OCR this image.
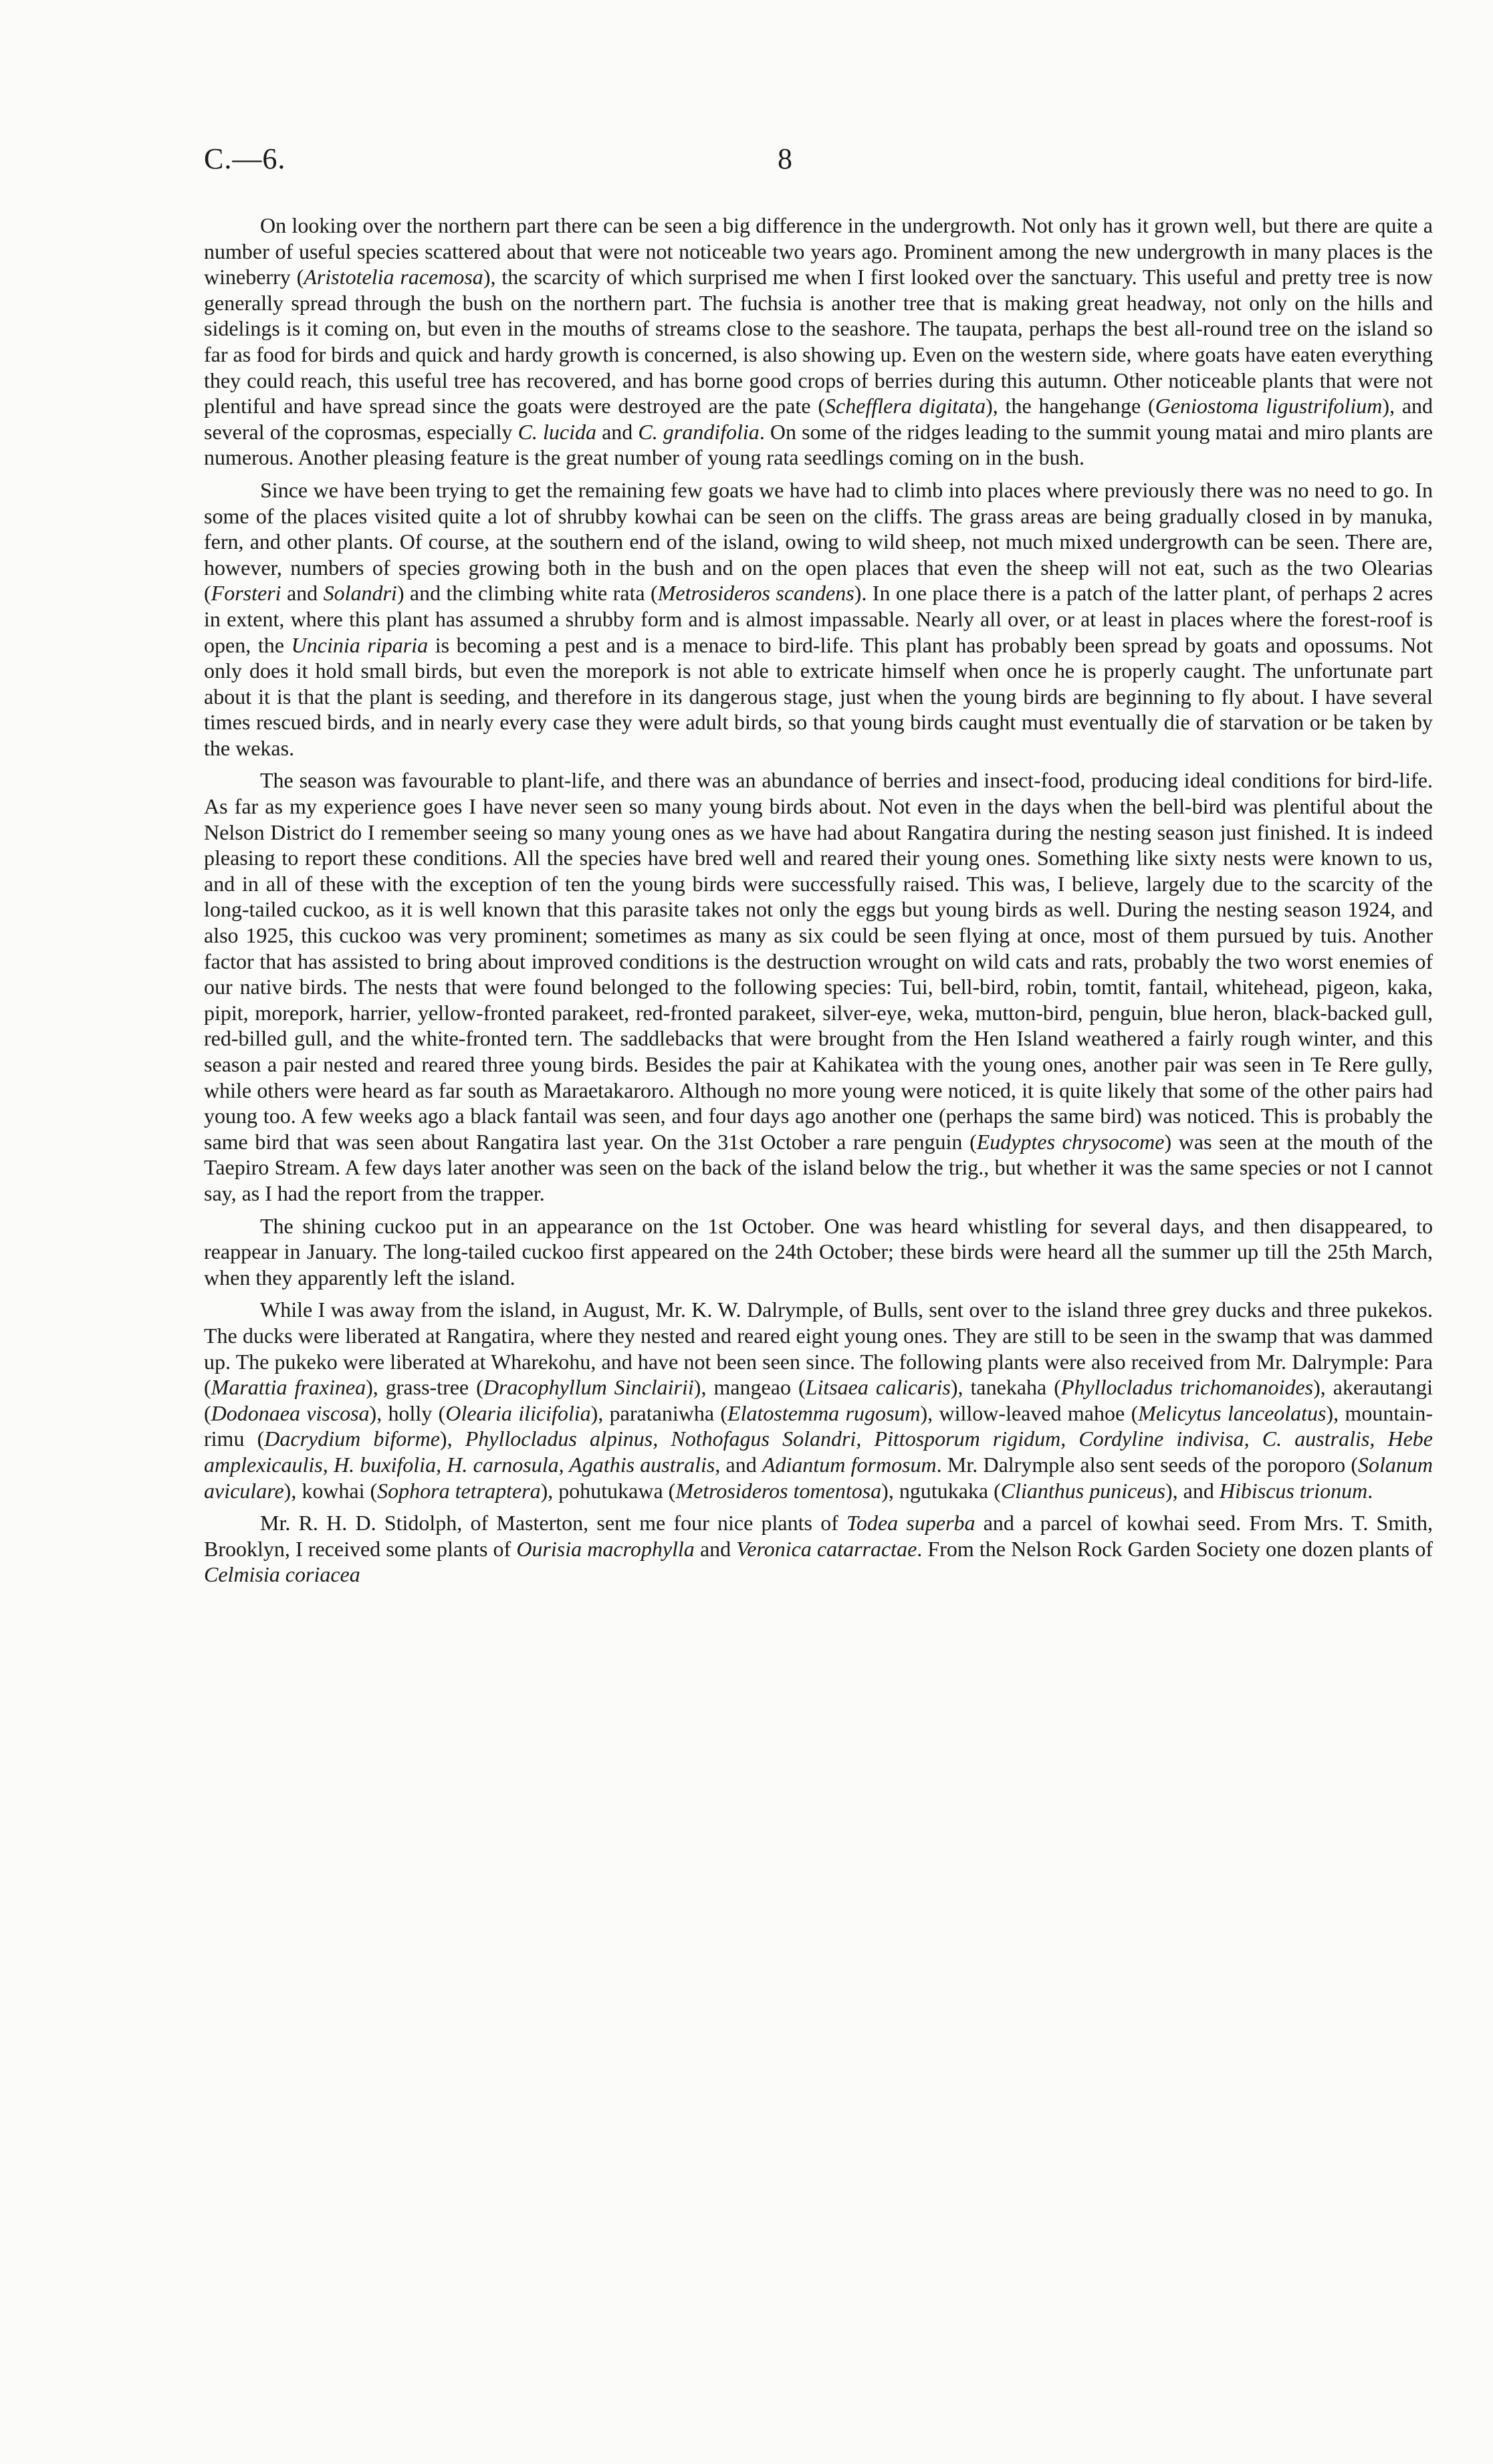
C.—6.	8

On looking over the northern part there can be seen a big difference in the undergrowth. Not only has it grown well, but there are quite a number of useful species scattered about that were not noticeable two years ago. Prominent among the new undergrowth in many places is the wineberry (Aristotelia racemosa), the scarcity of which surprised me when I first looked over the sanctuary. This useful and pretty tree is now generally spread through the bush on the northern part. The fuchsia is another tree that is making great headway, not only on the hills and sidelings is it coming on, but even in the mouths of streams close to the seashore. The taupata, perhaps the best all-round tree on the island so far as food for birds and quick and hardy growth is concerned, is also showing up. Even on the western side, where goats have eaten everything they could reach, this useful tree has recovered, and has borne good crops of berries during this autumn. Other noticeable plants that were not plentiful and have spread since the goats were destroyed are the pate (Schefflera digitata), the hangehange (Geniostoma ligustrifolium), and several of the coprosmas, especially C. lucida and C. grandifolia. On some of the ridges leading to the summit young matai and miro plants are numerous. Another pleasing feature is the great number of young rata seedlings coming on in the bush.

Since we have been trying to get the remaining few goats we have had to climb into places where previously there was no need to go. In some of the places visited quite a lot of shrubby kowhai can be seen on the cliffs. The grass areas are being gradually closed in by manuka, fern, and other plants. Of course, at the southern end of the island, owing to wild sheep, not much mixed undergrowth can be seen. There are, however, numbers of species growing both in the bush and on the open places that even the sheep will not eat, such as the two Olearias (Forsteri and Solandri) and the climbing white rata (Metrosideros scandens). In one place there is a patch of the latter plant, of perhaps 2 acres in extent, where this plant has assumed a shrubby form and is almost impassable. Nearly all over, or at least in places where the forest-roof is open, the Uncinia riparia is becoming a pest and is a menace to bird-life. This plant has probably been spread by goats and opossums. Not only does it hold small birds, but even the morepork is not able to extricate himself when once he is properly caught. The unfortunate part about it is that the plant is seeding, and therefore in its dangerous stage, just when the young birds are beginning to fly about. I have several times rescued birds, and in nearly every case they were adult birds, so that young birds caught must eventually die of starvation or be taken by the wekas.

The season was favourable to plant-life, and there was an abundance of berries and insect-food, producing ideal conditions for bird-life. As far as my experience goes I have never seen so many young birds about. Not even in the days when the bell-bird was plentiful about the Nelson District do I remember seeing so many young ones as we have had about Rangatira during the nesting season just finished. It is indeed pleasing to report these conditions. All the species have bred well and reared their young ones. Something like sixty nests were known to us, and in all of these with the exception of ten the young birds were successfully raised. This was, I believe, largely due to the scarcity of the long-tailed cuckoo, as it is well known that this parasite takes not only the eggs but young birds as well. During the nesting season 1924, and also 1925, this cuckoo was very prominent; sometimes as many as six could be seen flying at once, most of them pursued by tuis. Another factor that has assisted to bring about improved conditions is the destruction wrought on wild cats and rats, probably the two worst enemies of our native birds. The nests that were found belonged to the following species: Tui, bell-bird, robin, tomtit, fantail, whitehead, pigeon, kaka, pipit, morepork, harrier, yellow-fronted parakeet, red-fronted parakeet, silver-eye, weka, mutton-bird, penguin, blue heron, black-backed gull, red-billed gull, and the white-fronted tern. The saddlebacks that were brought from the Hen Island weathered a fairly rough winter, and this season a pair nested and reared three young birds. Besides the pair at Kahikatea with the young ones, another pair was seen in Te Rere gully, while others were heard as far south as Maraetakaroro. Although no more young were noticed, it is quite likely that some of the other pairs had young too. A few weeks ago a black fantail was seen, and four days ago another one (perhaps the same bird) was noticed. This is probably the same bird that was seen about Rangatira last year. On the 31st October a rare penguin (Eudyptes chrysocome) was seen at the mouth of the Taepiro Stream. A few days later another was seen on the back of the island below the trig., but whether it was the same species or not I cannot say, as I had the report from the trapper.

The shining cuckoo put in an appearance on the 1st October. One was heard whistling for several days, and then disappeared, to reappear in January. The long-tailed cuckoo first appeared on the 24th October; these birds were heard all the summer up till the 25th March, when they apparently left the island.

While I was away from the island, in August, Mr. K. W. Dalrymple, of Bulls, sent over to the island three grey ducks and three pukekos. The ducks were liberated at Rangatira, where they nested and reared eight young ones. They are still to be seen in the swamp that was dammed up. The pukeko were liberated at Wharekohu, and have not been seen since. The following plants were also received from Mr. Dalrymple: Para (Marattia fraxinea), grass-tree (Dracophyllum Sinclairii), mangeao (Litsaea calicaris), tanekaha (Phyllocladus trichomanoides), akerautangi (Dodonaea viscosa), holly (Olearia ilicifolia), parataniwha (Elatostemma rugosum), willow-leaved mahoe (Melicytus lanceolatus), mountain-rimu (Dacrydium biforme), Phyllocladus alpinus, Nothofagus Solandri, Pittosporum rigidum, Cordyline indivisa, C. australis, Hebe amplexicaulis, H. buxifolia, H. carnosula, Agathis australis, and Adiantum formosum. Mr. Dalrymple also sent seeds of the poroporo (Solanum aviculare), kowhai (Sophora tetraptera), pohutukawa (Metrosideros tomentosa), ngutukaka (Clianthus puniceus), and Hibiscus trionum.

Mr. R. H. D. Stidolph, of Masterton, sent me four nice plants of Todea superba and a parcel of kowhai seed. From Mrs. T. Smith, Brooklyn, I received some plants of Ourisia macrophylla and Veronica catarractae. From the Nelson Rock Garden Society one dozen plants of Celmisia coriacea
